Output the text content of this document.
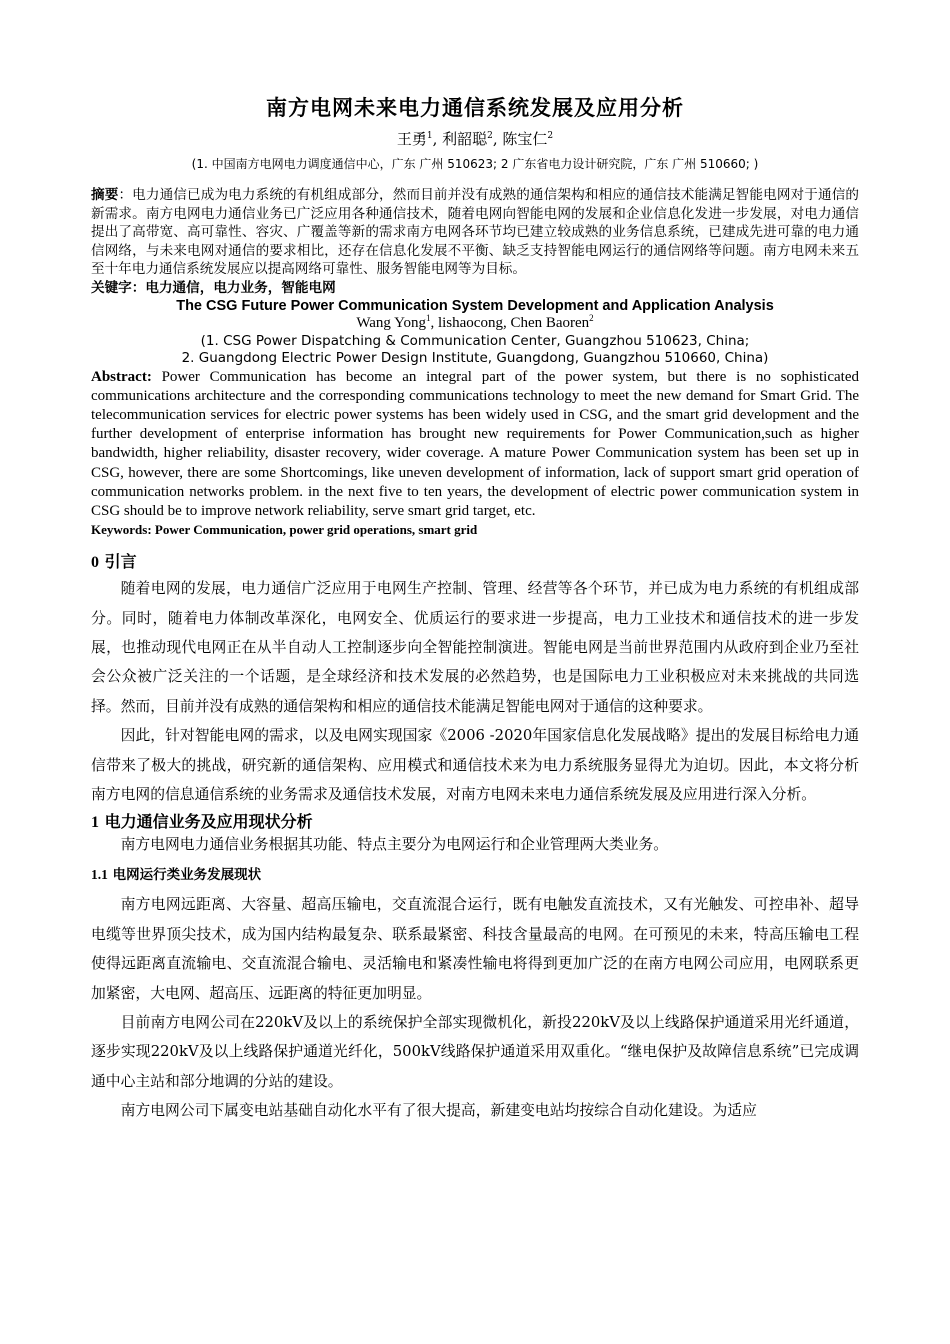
南方电网未来电力通信系统发展及应用分析
王勇$^1$, 利韶聪$^2$, 陈宝仁$^2$
(1. 中国南方电网电力调度通信中心，广东 广州 510623; 2 广东省电力设计研究院，广东 广州 510660; )
摘要：电力通信已成为电力系统的有机组成部分，然而目前并没有成熟的通信架构和相应的通信技术能满足智能电网对于通信的新需求。南方电网电力通信业务已广泛应用各种通信技术，随着电网向智能电网的发展和企业信息化发进一步发展，对电力通信提出了高带宽、高可靠性、容灾、广覆盖等新的需求南方电网各环节均已建立较成熟的业务信息系统，已建成先进可靠的电力通信网络，与未来电网对通信的要求相比，还存在信息化发展不平衡、缺乏支持智能电网运行的通信网络等问题。南方电网未来五至十年电力通信系统发展应以提高网络可靠性、服务智能电网等为目标。
关键字：电力通信，电力业务，智能电网
The CSG Future Power Communication System Development and Application Analysis
Wang Yong$^1$, lishaocong, Chen Baoren$^2$
(1. CSG Power Dispatching & Communication Center, Guangzhou 510623, China;
2. Guangdong Electric Power Design Institute, Guangdong, Guangzhou 510660, China)
Abstract: Power Communication has become an integral part of the power system, but there is no sophisticated communications architecture and the corresponding communications technology to meet the new demand for Smart Grid. The telecommunication services for electric power systems has been widely used in CSG, and the smart grid development and the further development of enterprise information has brought new requirements for Power Communication,such as higher bandwidth, higher reliability, disaster recovery, wider coverage. A mature Power Communication system has been set up in CSG, however, there are some Shortcomings, like uneven development of information, lack of support smart grid operation of communication networks problem. in the next five to ten years, the development of electric power communication system in CSG should be to improve network reliability, serve smart grid target, etc.
Keywords: Power Communication, power grid operations, smart grid
0 引言
随着电网的发展，电力通信广泛应用于电网生产控制、管理、经营等各个环节，并已成为电力系统的有机组成部分。同时，随着电力体制改革深化，电网安全、优质运行的要求进一步提高，电力工业技术和通信技术的进一步发展，也推动现代电网正在从半自动人工控制逐步向全智能控制演进。智能电网是当前世界范围内从政府到企业乃至社会公众被广泛关注的一个话题，是全球经济和技术发展的必然趋势，也是国际电力工业积极应对未来挑战的共同选择。然而，目前并没有成熟的通信架构和相应的通信技术能满足智能电网对于通信的这种要求。
因此，针对智能电网的需求，以及电网实现国家《2006 -2020年国家信息化发展战略》提出的发展目标给电力通信带来了极大的挑战，研究新的通信架构、应用模式和通信技术来为电力系统服务显得尤为迫切。因此，本文将分析南方电网的信息通信系统的业务需求及通信技术发展，对南方电网未来电力通信系统发展及应用进行深入分析。
1 电力通信业务及应用现状分析
南方电网电力通信业务根据其功能、特点主要分为电网运行和企业管理两大类业务。
1.1 电网运行类业务发展现状
南方电网远距离、大容量、超高压输电，交直流混合运行，既有电触发直流技术，又有光触发、可控串补、超导电缆等世界顶尖技术，成为国内结构最复杂、联系最紧密、科技含量最高的电网。在可预见的未来，特高压输电工程使得远距离直流输电、交直流混合输电、灵活输电和紧凑性输电将得到更加广泛的在南方电网公司应用，电网联系更加紧密，大电网、超高压、远距离的特征更加明显。
目前南方电网公司在220kV及以上的系统保护全部实现微机化，新投220kV及以上线路保护通道采用光纤通道，逐步实现220kV及以上线路保护通道光纤化，500kV线路保护通道采用双重化。“继电保护及故障信息系统”已完成调通中心主站和部分地调的分站的建设。
南方电网公司下属变电站基础自动化水平有了很大提高，新建变电站均按综合自动化建设。为适应
